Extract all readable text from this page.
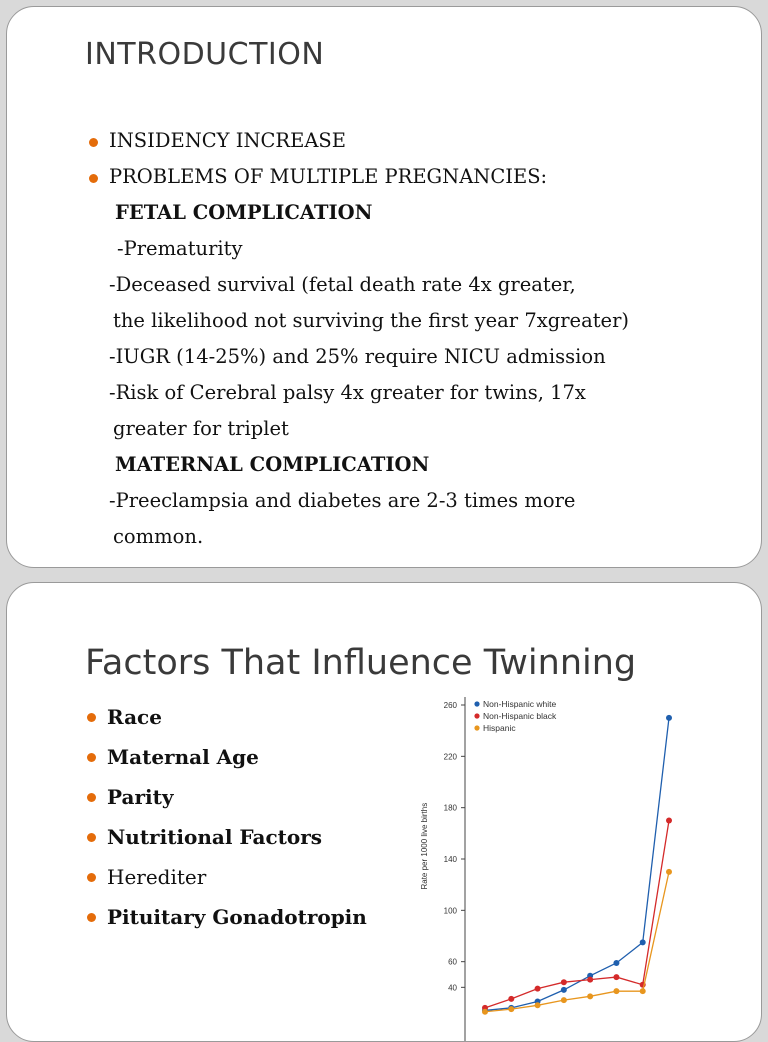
INTRODUCTION
INSIDENCY INCREASE
PROBLEMS OF MULTIPLE PREGNANCIES:
FETAL COMPLICATION
-Prematurity
-Deceased survival (fetal death rate 4x greater,
the likelihood not surviving the first year 7xgreater)
-IUGR (14-25%) and 25% require NICU admission
-Risk of Cerebral palsy 4x greater for twins, 17x
greater for triplet
MATERNAL COMPLICATION
-Preeclampsia and diabetes are 2-3 times more
common.
Factors That Influence Twinning
Race
Maternal Age
Parity
Nutritional Factors
Herediter
Pituitary Gonadotropin
260
220
180
140
100
60
40
Rate per 1000 live births
Non-Hispanic white
Non-Hispanic black
Hispanic
